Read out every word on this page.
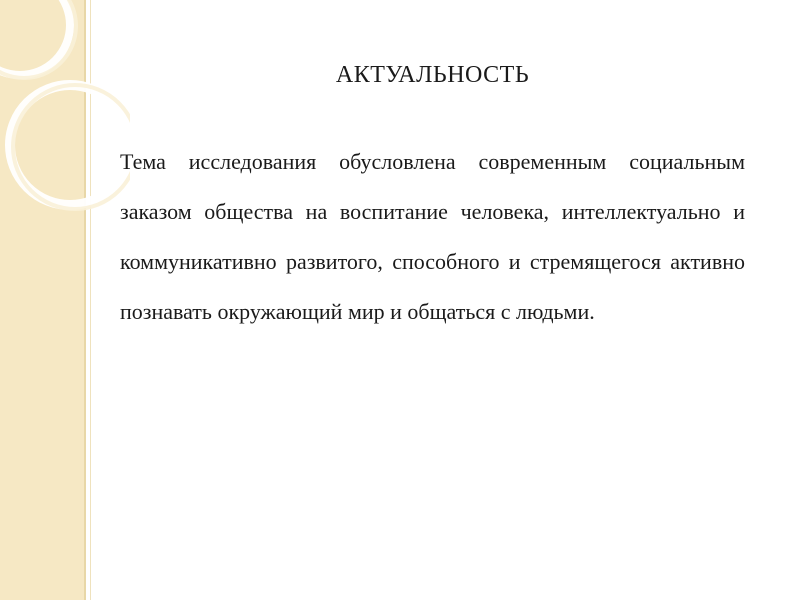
АКТУАЛЬНОСТЬ

Тема исследования обусловлена современным социальным заказом общества на воспитание человека, интеллектуально и коммуникативно развитого, способного и стремящегося активно познавать окружающий мир и общаться с людьми.
